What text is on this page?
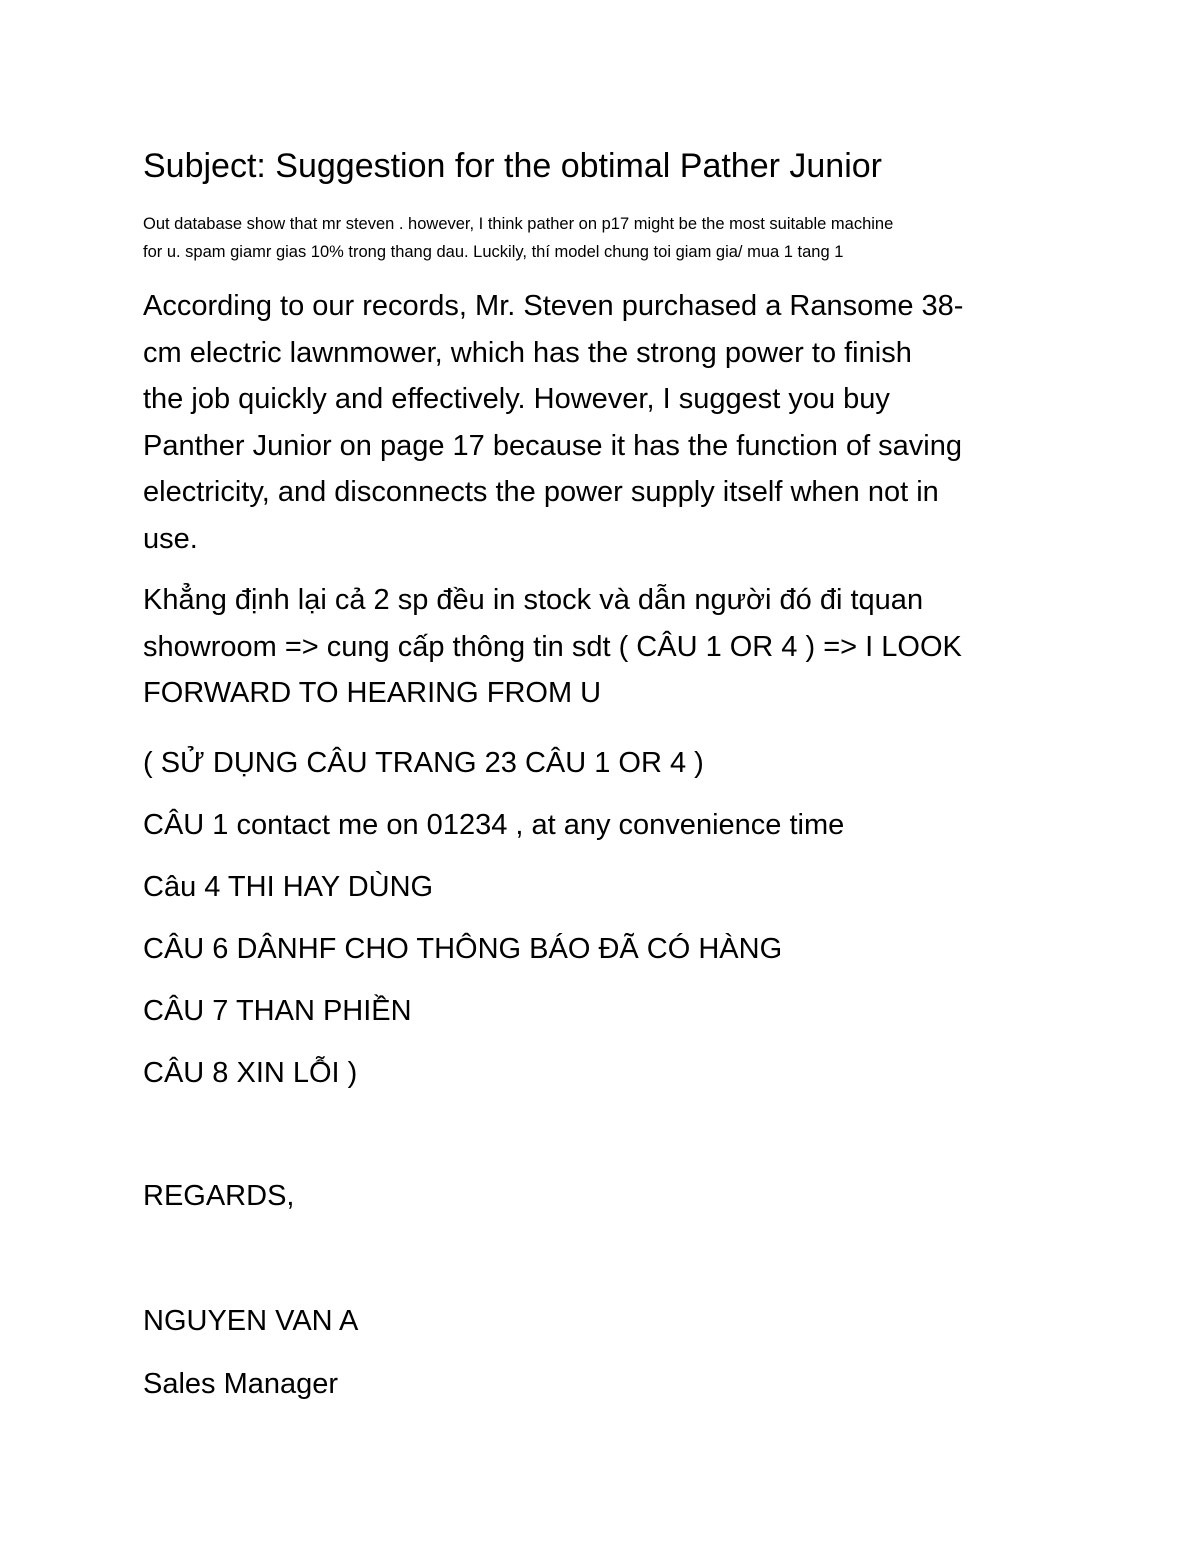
Subject: Suggestion for the obtimal Pather Junior

Out database show that mr steven . however, I think pather on p17 might be the most suitable machine

for u. spam giamr gias 10% trong thang dau. Luckily, thí model chung toi giam gia/ mua 1 tang 1

According to our records, Mr. Steven purchased a Ransome 38-

cm electric lawnmower, which has the strong power to finish

the job quickly and effectively. However, I suggest you buy

Panther Junior on page 17 because it has the function of saving

electricity, and disconnects the power supply itself when not in

use.

Khẳng định lại cả 2 sp đều in stock và dẫn người đó đi tquan

showroom => cung cấp thông tin sdt ( CÂU 1 OR 4 ) => I LOOK

FORWARD TO HEARING FROM U

( SỬ DỤNG CÂU TRANG 23 CÂU 1 OR 4 )

CÂU 1 contact me on 01234 , at any convenience time

Câu 4 THI HAY DÙNG

CÂU 6 DÂNHF CHO THÔNG BÁO ĐÃ CÓ HÀNG

CÂU 7 THAN PHIỀN

CÂU 8 XIN LỖI )

REGARDS,

NGUYEN VAN A

Sales Manager
